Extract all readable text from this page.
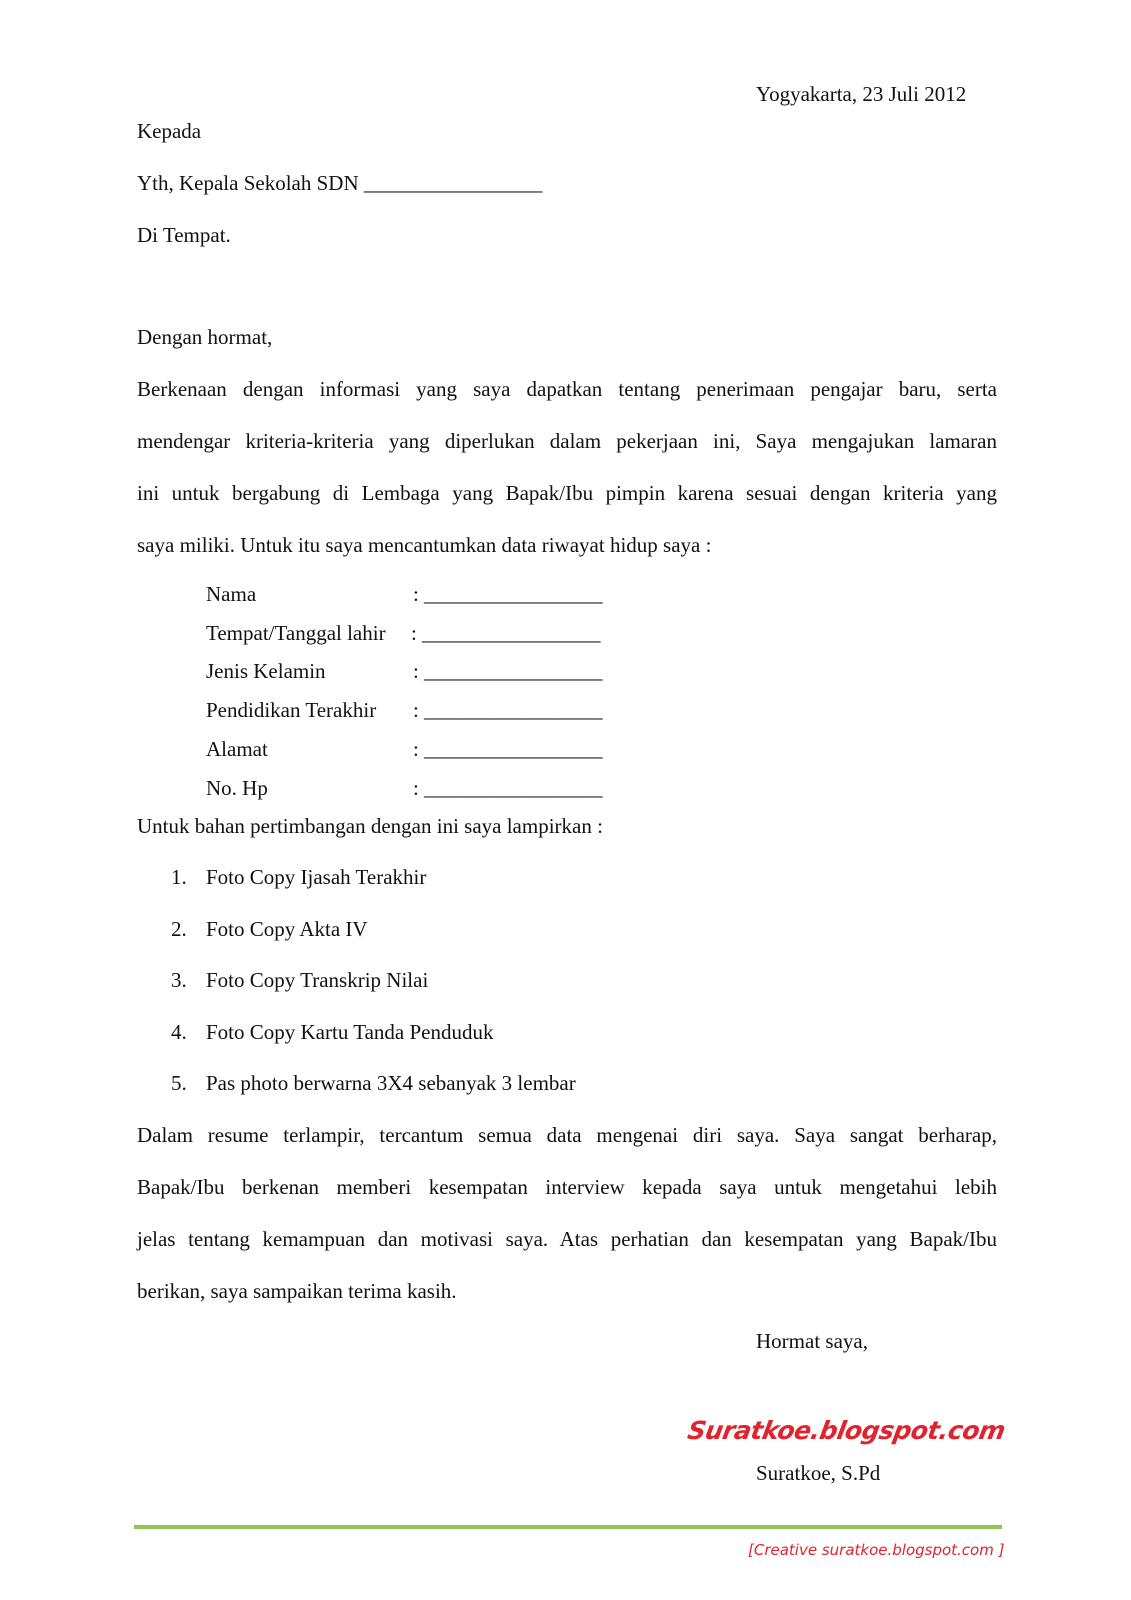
Yogyakarta, 23 Juli 2012
Kepada
Yth, Kepala Sekolah SDN _________________
Di Tempat.
Dengan hormat,
Berkenaan dengan informasi yang saya dapatkan tentang penerimaan pengajar baru, serta
mendengar kriteria-kriteria yang diperlukan dalam pekerjaan ini, Saya mengajukan lamaran
ini untuk bergabung di Lembaga yang Bapak/Ibu pimpin karena sesuai dengan kriteria yang
saya miliki. Untuk itu saya mencantumkan data riwayat hidup saya :
Nama	: _________________
Tempat/Tanggal lahir : _________________
Jenis Kelamin	: _________________
Pendidikan Terakhir : _________________
Alamat	: _________________
No. Hp	: _________________
Untuk bahan pertimbangan dengan ini saya lampirkan :
1. Foto Copy Ijasah Terakhir
2. Foto Copy Akta IV
3. Foto Copy Transkrip Nilai
4. Foto Copy Kartu Tanda Penduduk
5. Pas photo berwarna 3X4 sebanyak 3 lembar
Dalam resume terlampir, tercantum semua data mengenai diri saya. Saya sangat berharap,
Bapak/Ibu berkenan memberi kesempatan interview kepada saya untuk mengetahui lebih
jelas tentang kemampuan dan motivasi saya. Atas perhatian dan kesempatan yang Bapak/Ibu
berikan, saya sampaikan terima kasih.
Hormat saya,
Suratkoe.blogspot.com
Suratkoe, S.Pd
[Creative suratkoe.blogspot.com ]
